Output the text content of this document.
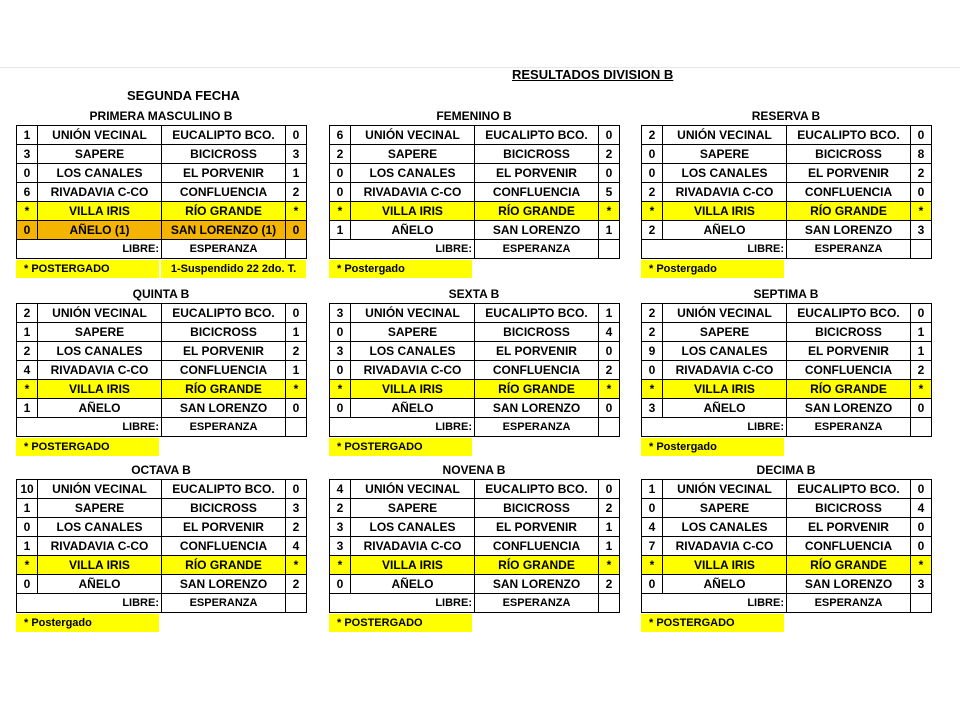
RESULTADOS DIVISION B
SEGUNDA FECHA
PRIMERA MASCULINO B
1	UNIÓN VECINAL	EUCALIPTO BCO.	0
3	SAPERE	BICICROSS	3
0	LOS CANALES	EL PORVENIR	1
6	RIVADAVIA C-CO	CONFLUENCIA	2
*	VILLA IRIS	RÍO GRANDE	*
0	AÑELO (1)	SAN LORENZO (1)	0
LIBRE:		ESPERANZA	
* POSTERGADO	1-Suspendido 22 2do. T.
FEMENINO B
6	UNIÓN VECINAL	EUCALIPTO BCO.	0
2	SAPERE	BICICROSS	2
0	LOS CANALES	EL PORVENIR	0
0	RIVADAVIA C-CO	CONFLUENCIA	5
*	VILLA IRIS	RÍO GRANDE	*
1	AÑELO	SAN LORENZO	1
LIBRE:		ESPERANZA	
* Postergado
RESERVA B
2	UNIÓN VECINAL	EUCALIPTO BCO.	0
0	SAPERE	BICICROSS	8
0	LOS CANALES	EL PORVENIR	2
2	RIVADAVIA C-CO	CONFLUENCIA	0
*	VILLA IRIS	RÍO GRANDE	*
2	AÑELO	SAN LORENZO	3
LIBRE:		ESPERANZA	
* Postergado
QUINTA B
2	UNIÓN VECINAL	EUCALIPTO BCO.	0
1	SAPERE	BICICROSS	1
2	LOS CANALES	EL PORVENIR	2
4	RIVADAVIA C-CO	CONFLUENCIA	1
*	VILLA IRIS	RÍO GRANDE	*
1	AÑELO	SAN LORENZO	0
LIBRE:		ESPERANZA	
* POSTERGADO
SEXTA B
3	UNIÓN VECINAL	EUCALIPTO BCO.	1
0	SAPERE	BICICROSS	4
3	LOS CANALES	EL PORVENIR	0
0	RIVADAVIA C-CO	CONFLUENCIA	2
*	VILLA IRIS	RÍO GRANDE	*
0	AÑELO	SAN LORENZO	0
LIBRE:		ESPERANZA	
* POSTERGADO
SEPTIMA B
2	UNIÓN VECINAL	EUCALIPTO BCO.	0
2	SAPERE	BICICROSS	1
9	LOS CANALES	EL PORVENIR	1
0	RIVADAVIA C-CO	CONFLUENCIA	2
*	VILLA IRIS	RÍO GRANDE	*
3	AÑELO	SAN LORENZO	0
LIBRE:		ESPERANZA	
* Postergado
OCTAVA B
10	UNIÓN VECINAL	EUCALIPTO BCO.	0
1	SAPERE	BICICROSS	3
0	LOS CANALES	EL PORVENIR	2
1	RIVADAVIA C-CO	CONFLUENCIA	4
*	VILLA IRIS	RÍO GRANDE	*
0	AÑELO	SAN LORENZO	2
LIBRE:		ESPERANZA	
* Postergado
NOVENA B
4	UNIÓN VECINAL	EUCALIPTO BCO.	0
2	SAPERE	BICICROSS	2
3	LOS CANALES	EL PORVENIR	1
3	RIVADAVIA C-CO	CONFLUENCIA	1
*	VILLA IRIS	RÍO GRANDE	*
0	AÑELO	SAN LORENZO	2
LIBRE:		ESPERANZA	
* POSTERGADO
DECIMA B
1	UNIÓN VECINAL	EUCALIPTO BCO.	0
0	SAPERE	BICICROSS	4
4	LOS CANALES	EL PORVENIR	0
7	RIVADAVIA C-CO	CONFLUENCIA	0
*	VILLA IRIS	RÍO GRANDE	*
0	AÑELO	SAN LORENZO	3
LIBRE:		ESPERANZA	
* POSTERGADO
